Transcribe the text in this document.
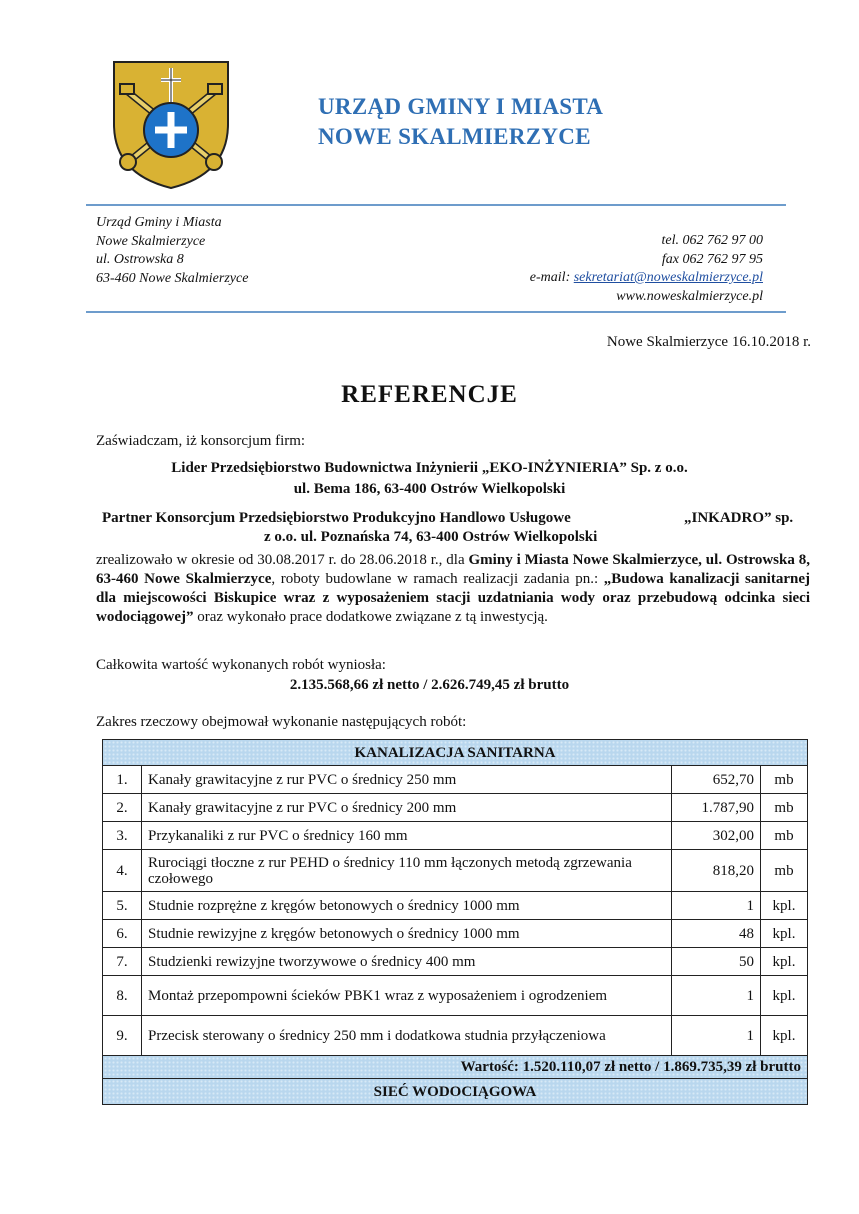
URZĄD GMINY I MIASTA
NOWE SKALMIERZYCE
Urząd Gminy i Miasta
Nowe Skalmierzyce
ul. Ostrowska 8
63-460 Nowe Skalmierzyce
tel. 062 762 97 00
fax 062 762 97 95
e-mail: sekretariat@noweskalmierzyce.pl
www.noweskalmierzyce.pl
Nowe Skalmierzyce 16.10.2018 r.
REFERENCJE
Zaświadczam, iż konsorcjum firm:
Lider Przedsiębiorstwo Budownictwa Inżynierii „EKO-INŻYNIERIA” Sp. z o.o.
ul. Bema 186, 63-400 Ostrów Wielkopolski
Partner Konsorcjum Przedsiębiorstwo Produkcyjno Handlowo Usługowe	„INKADRO” sp.
z o.o. ul. Poznańska 74, 63-400 Ostrów Wielkopolski
zrealizowało w okresie od 30.08.2017 r. do 28.06.2018 r., dla Gminy i Miasta Nowe Skalmierzyce, ul. Ostrowska 8, 63-460 Nowe Skalmierzyce, roboty budowlane w ramach realizacji zadania pn.: „Budowa kanalizacji sanitarnej dla miejscowości Biskupice wraz z wyposażeniem stacji uzdatniania wody oraz przebudową odcinka sieci wodociągowej” oraz wykonało prace dodatkowe związane z tą inwestycją.
Całkowita wartość wykonanych robót wyniosła:
2.135.568,66 zł netto / 2.626.749,45 zł brutto
Zakres rzeczowy obejmował wykonanie następujących robót:
KANALIZACJA SANITARNA			
1.	Kanały grawitacyjne z rur PVC o średnicy 250 mm	652,70	mb
2.	Kanały grawitacyjne z rur PVC o średnicy 200 mm	1.787,90	mb
3.	Przykanaliki z rur PVC o średnicy 160 mm	302,00	mb
4.	Rurociągi tłoczne z rur PEHD o średnicy 110 mm łączonych metodą zgrzewania czołowego	818,20	mb
5.	Studnie rozprężne z kręgów betonowych o średnicy 1000 mm	1	kpl.
6.	Studnie rewizyjne z kręgów betonowych o średnicy 1000 mm	48	kpl.
7.	Studzienki rewizyjne tworzywowe o średnicy 400 mm	50	kpl.
8.	Montaż przepompowni ścieków PBK1 wraz z wyposażeniem i ogrodzeniem	1	kpl.
9.	Przecisk sterowany o średnicy 250 mm i dodatkowa studnia przyłączeniowa	1	kpl.
Wartość: 1.520.110,07 zł netto / 1.869.735,39 zł brutto			
SIEĆ WODOCIĄGOWA			
